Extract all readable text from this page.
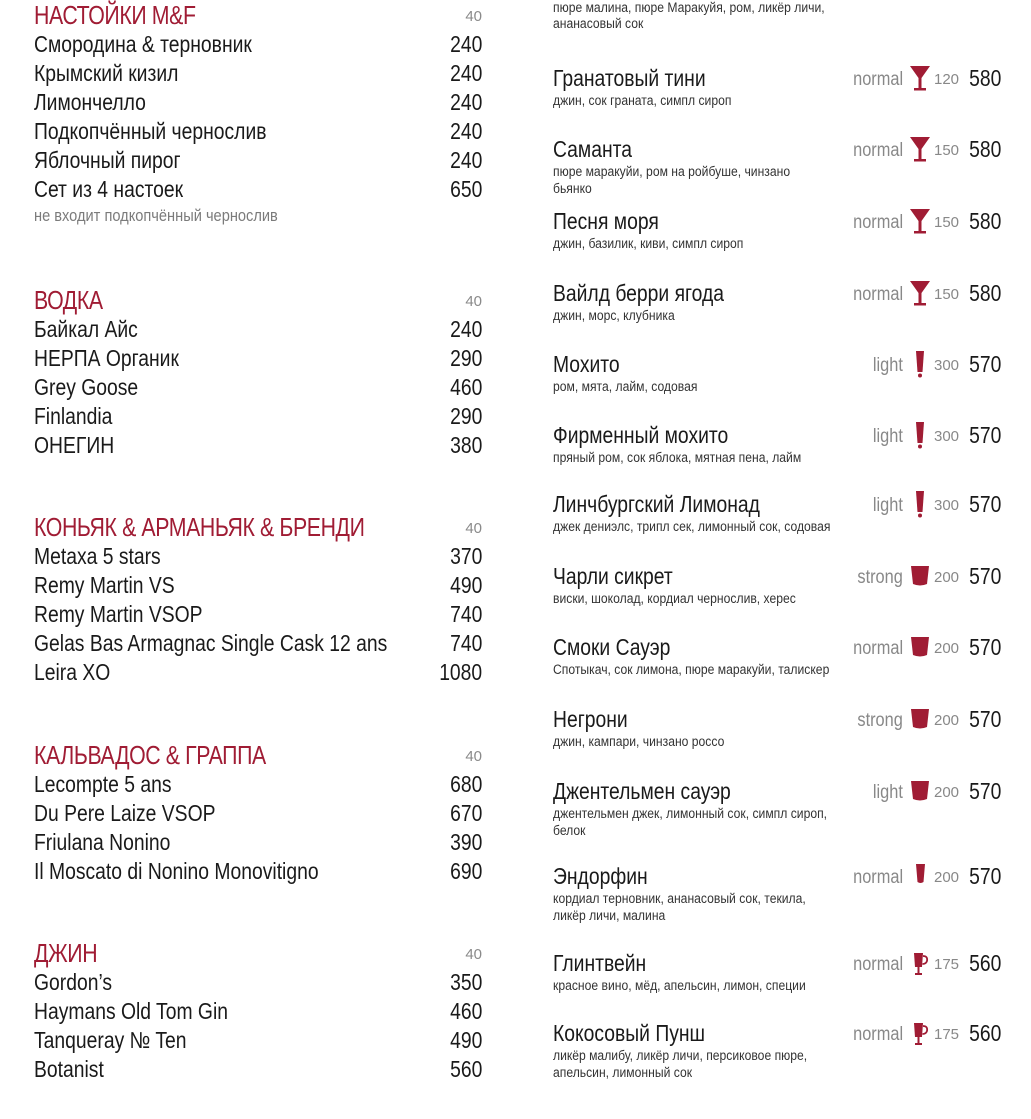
НАСТОЙКИ M&F	40
Смородина & терновник	240
Крымский кизил	240
Лимончелло	240
Подкопчённый чернослив	240
Яблочный пирог	240
Сет из 4 настоек	650
не входит подкопчённый чернослив
ВОДКА	40
Байкал Айс	240
НЕРПА Органик	290
Grey Goose	460
Finlandia	290
ОНЕГИН	380
КОНЬЯК & АРМАНЬЯК & БРЕНДИ	40
Metaxa 5 stars	370
Remy Martin VS	490
Remy Martin VSOP	740
Gelas Bas Armagnac Single Cask 12 ans	740
Leira XO	1080
КАЛЬВАДОС & ГРАППА	40
Lecompte 5 ans	680
Du Pere Laize VSOP	670
Friulana Nonino	390
Il Moscato di Nonino Monovitigno	690
ДЖИН	40
Gordon’s	350
Haymans Old Tom Gin	460
Tanqueray № Ten	490
Botanist	560
пюре малина, пюре Маракуйя, ром, ликёр личи, ананасовый сок
Гранатовый тини
джин, сок граната, симпл сироп
normal 120 580
Саманта
пюре маракуйи, ром на ройбуше, чинзано бьянко
normal 150 580
Песня моря
джин, базилик, киви, симпл сироп
normal 150 580
Вайлд берри ягода
джин, морс, клубника
normal 150 580
Мохито
ром, мята, лайм, содовая
light 300 570
Фирменный мохито
пряный ром, сок яблока, мятная пена, лайм
light 300 570
Линчбургский Лимонад
джек дениэлс, трипл сек, лимонный сок, содовая
light 300 570
Чарли сикрет
виски, шоколад, кордиал чернослив, херес
strong 200 570
Смоки Сауэр
Спотыкач, сок лимона, пюре маракуйи, талискер
normal 200 570
Негрони
джин, кампари, чинзано россо
strong 200 570
Джентельмен сауэр
джентельмен джек, лимонный сок, симпл сироп, белок
light 200 570
Эндорфин
кордиал терновник, ананасовый сок, текила, ликёр личи, малина
normal 200 570
Глинтвейн
красное вино, мёд, апельсин, лимон, специи
normal 175 560
Кокосовый Пунш
ликёр малибу, ликёр личи, персиковое пюре, апельсин, лимонный сок
normal 175 560
